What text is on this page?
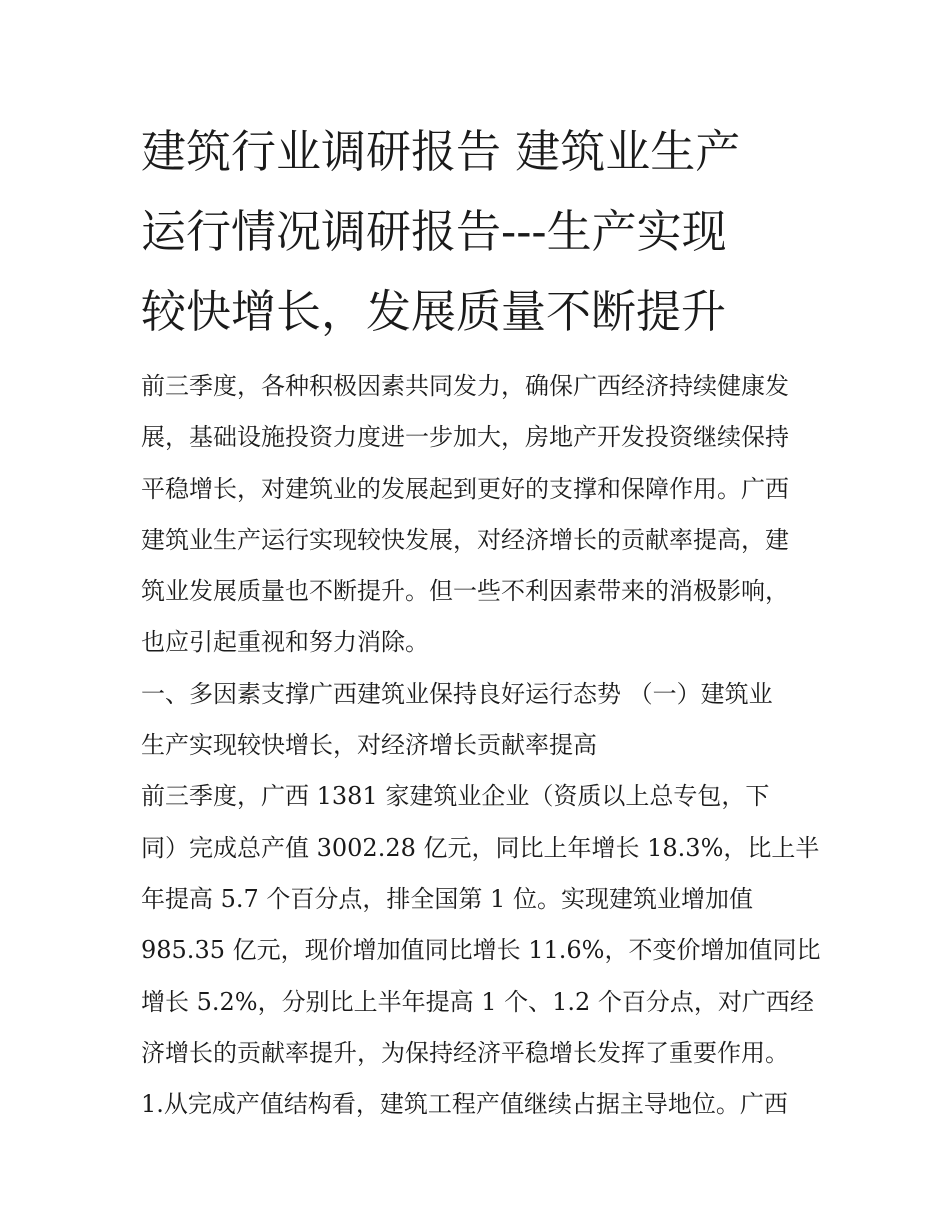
建筑行业调研报告 建筑业生产
运行情况调研报告---生产实现
较快增长，发展质量不断提升
前三季度，各种积极因素共同发力，确保广西经济持续健康发
展，基础设施投资力度进一步加大，房地产开发投资继续保持
平稳增长，对建筑业的发展起到更好的支撑和保障作用。广西
建筑业生产运行实现较快发展，对经济增长的贡献率提高，建
筑业发展质量也不断提升。但一些不利因素带来的消极影响，
也应引起重视和努力消除。
一、多因素支撑广西建筑业保持良好运行态势 （一）建筑业
生产实现较快增长，对经济增长贡献率提高
前三季度，广西 1381 家建筑业企业（资质以上总专包，下
同）完成总产值 3002.28 亿元，同比上年增长 18.3%，比上半
年提高 5.7 个百分点，排全国第 1 位。实现建筑业增加值
985.35 亿元，现价增加值同比增长 11.6%，不变价增加值同比
增长 5.2%，分别比上半年提高 1 个、1.2 个百分点，对广西经
济增长的贡献率提升，为保持经济平稳增长发挥了重要作用。
1.从完成产值结构看，建筑工程产值继续占据主导地位。广西
